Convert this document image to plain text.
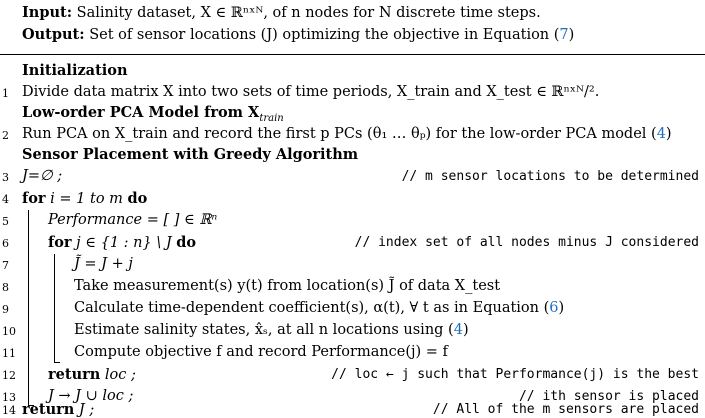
Input: Salinity dataset, X ∈ ℝⁿˣᴺ, of n nodes for N discrete time steps.
Output: Set of sensor locations (J) optimizing the objective in Equation (7)
Initialization
1 Divide data matrix X into two sets of time periods, X_train and X_test ∈ ℝⁿˣᴺ/².
Low-order PCA Model from $X_{train}$
2 Run PCA on X_train and record the first p PCs (θ₁ … θₚ) for the low-order PCA model (4)
Sensor Placement with Greedy Algorithm
3 J=∅ ;	// m sensor locations to be determined
4 for i = 1 to m do
5	Performance = [ ] ∈ ℝⁿ
6	for j ∈ {1 : n} \ J do	// index set of all nodes minus J considered
7	J̃ = J + j
8	Take measurement(s) y(t) from location(s) J̃ of data X_test
9	Calculate time-dependent coefficient(s), α(t), ∀ t as in Equation (6)
10	Estimate salinity states, x̂ₛ, at all n locations using (4)
11	Compute objective f and record Performance(j) = f
12 return loc ;	// loc ← j such that Performance(j) is the best
13 J → J ∪ loc ;	// ith sensor is placed
14 return J ;	// All of the m sensors are placed
